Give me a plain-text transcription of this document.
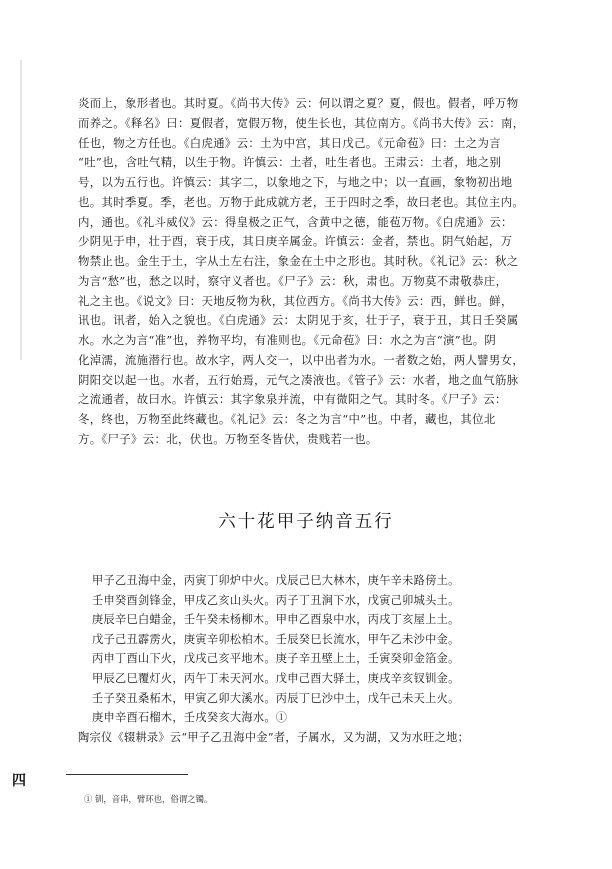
炎而上，象形者也。其时夏。《尚书大传》云：何以谓之夏？夏，假也。假者，呼万物
而养之。《释名》曰：夏假者，宽假万物，使生长也，其位南方。《尚书大传》云：南，
任也，物之方任也。《白虎通》云：土为中宫，其日戊己。《元命苞》曰：土之为言
“吐”也，含吐气精，以生于物。许慎云：土者，吐生者也。王肃云：土者，地之别
号，以为五行也。许慎云：其字二，以象地之下，与地之中；以一直画，象物初出地
也。其时季夏。季，老也。万物于此成就方老，王于四时之季，故曰老也。其位主内。
内，通也。《礼斗威仪》云：得皇极之正气，含黄中之德，能苞万物。《白虎通》云：
少阴见于申，壮于酉，衰于戌，其日庚辛属金。许慎云：金者，禁也。阴气始起，万
物禁止也。金生于土，字从土左右注，象金在土中之形也。其时秋。《礼记》云：秋之
为言“愁”也，愁之以时，察守义者也。《尸子》云：秋，肃也。万物莫不肃敬恭庄，
礼之主也。《说文》曰：天地反物为秋，其位西方。《尚书大传》云：西，鲜也。鲜，
讯也。讯者，始入之貌也。《白虎通》云：太阴见于亥，壮于子，衰于丑，其日壬癸属
水。水之为言“准”也，养物平均，有准则也。《元命苞》曰：水之为言“演”也。阴
化淖濡，流施潜行也。故水字，两人交一，以中出者为水。一者数之始，两人譬男女，
阴阳交以起一也。水者，五行始焉，元气之凑液也。《管子》云：水者，地之血气筋脉
之流通者，故曰水。许慎云：其字象泉并流，中有微阳之气。其时冬。《尸子》云：
冬，终也，万物至此终藏也。《礼记》云：冬之为言“中”也。中者，藏也，其位北
方。《尸子》云：北，伏也。万物至冬皆伏，贵贱若一也。
六十花甲子纳音五行
甲子乙丑海中金，丙寅丁卯炉中火。戊辰己巳大林木，庚午辛未路傍土。
壬申癸酉剑锋金，甲戌乙亥山头火。丙子丁丑涧下水，戊寅己卯城头土。
庚辰辛巳白蜡金，壬午癸未杨柳木。甲申乙酉泉中水，丙戌丁亥屋上土。
戊子己丑霹雳火，庚寅辛卯松柏木。壬辰癸巳长流水，甲午乙未沙中金。
丙申丁酉山下火，戊戌己亥平地木。庚子辛丑壁上土，壬寅癸卯金箔金。
甲辰乙巳覆灯火，丙午丁未天河水。戊申己酉大驿土，庚戌辛亥钗钏金。
壬子癸丑桑柘木，甲寅乙卯大溪水。丙辰丁巳沙中土，戊午己未天上火。
庚申辛酉石榴木，壬戌癸亥大海水。①
陶宗仪《辍耕录》云“甲子乙丑海中金”者，子属水，又为湖，又为水旺之地；
四
① 钏，音串，臂环也，俗谓之镯。
